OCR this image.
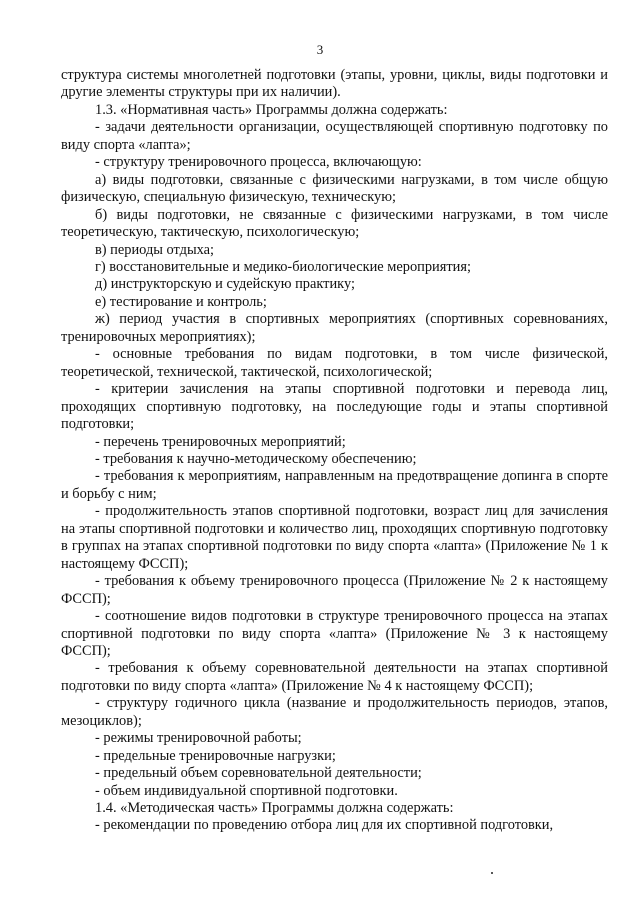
3

структура системы многолетней подготовки (этапы, уровни, циклы, виды подготовки и другие элементы структуры при их наличии).

1.3. «Нормативная часть» Программы должна содержать:

- задачи деятельности организации, осуществляющей спортивную подготовку по виду спорта «лапта»;

- структуру тренировочного процесса, включающую:

а) виды подготовки, связанные с физическими нагрузками, в том числе общую физическую, специальную физическую, техническую;

б) виды подготовки, не связанные с физическими нагрузками, в том числе теоретическую, тактическую, психологическую;

в) периоды отдыха;

г) восстановительные и медико-биологические мероприятия;

д) инструкторскую и судейскую практику;

е) тестирование и контроль;

ж) период участия в спортивных мероприятиях (спортивных соревнованиях, тренировочных мероприятиях);

- основные требования по видам подготовки, в том числе физической, теоретической, технической, тактической, психологической;

- критерии зачисления на этапы спортивной подготовки и перевода лиц, проходящих спортивную подготовку, на последующие годы и этапы спортивной подготовки;

- перечень тренировочных мероприятий;

- требования к научно-методическому обеспечению;

- требования к мероприятиям, направленным на предотвращение допинга в спорте и борьбу с ним;

- продолжительность этапов спортивной подготовки, возраст лиц для зачисления на этапы спортивной подготовки и количество лиц, проходящих спортивную подготовку в группах на этапах спортивной подготовки по виду спорта «лапта» (Приложение № 1 к настоящему ФССП);

- требования к объему тренировочного процесса (Приложение № 2 к настоящему ФССП);

- соотношение видов подготовки в структуре тренировочного процесса на этапах спортивной подготовки по виду спорта «лапта» (Приложение № 3 к настоящему ФССП);

- требования к объему соревновательной деятельности на этапах спортивной подготовки по виду спорта «лапта» (Приложение № 4 к настоящему ФССП);

- структуру годичного цикла (название и продолжительность периодов, этапов, мезоциклов);

- режимы тренировочной работы;

- предельные тренировочные нагрузки;

- предельный объем соревновательной деятельности;

- объем индивидуальной спортивной подготовки.

1.4. «Методическая часть» Программы должна содержать:

- рекомендации по проведению отбора лиц для их спортивной подготовки,
